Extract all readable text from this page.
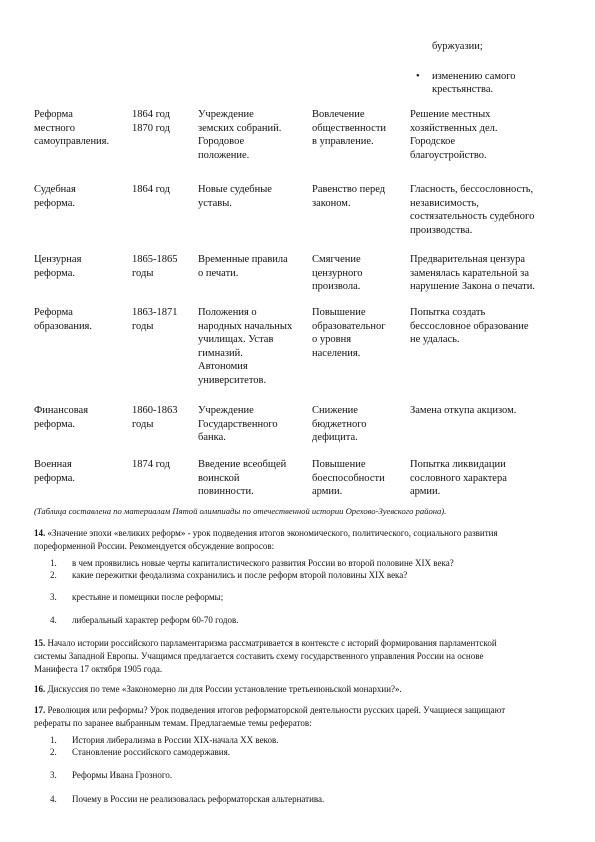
буржуазии;
• изменению самого
крестьянства.
Реформа
местного
самоуправления.
1864 год
1870 год
Учреждение
земских собраний.
Городовое
положение.
Вовлечение
общественности
в управление.
Решение местных
хозяйственных дел.
Городское
благоустройство.
Судебная
реформа.
1864 год	Новые судебные
уставы.
Равенство перед
законом.
Гласность, бессословность,
независимость,
состязательность судебного
производства.
Цензурная
реформа.
1865-1865
годы
Временные правила
о печати.
Смягчение
цензурного
произвола.
Предварительная цензура
заменялась карательной за
нарушение Закона о печати.
Реформа
образования.
1863-1871
годы
Положения о
народных начальных
училищах. Устав
гимназий.
Автономия
университетов.
Повышение
образовательног
о уровня
населения.
Попытка создать
бессословное образование
не удалась.
Финансовая
реформа.
1860-1863
годы
Учреждение
Государственного
банка.
Снижение
бюджетного
дефицита.
Замена откупа акцизом.
Военная
реформа.
1874 год	Введение всеобщей
воинской
повинности.
Повышение
боеспособности
армии.
Попытка ликвидации
сословного характера
армии.
(Таблица составлена по материалам Пятой олимпиады по отечественной истории Орехово-Зуевского района).
14. «Значение эпохи «великих реформ» - урок подведения итогов экономического, политического, социального развития
пореформенной России. Рекомендуется обсуждение вопросов:
1. в чем проявились новые черты капиталистического развития России во второй половине XIX века?
2. какие пережитки феодализма сохранились и после реформ второй половины XIX века?
3. крестьяне и помещики после реформы;
4. либеральный характер реформ 60-70 годов.
15. Начало истории российского парламентаризма рассматривается в контексте с историй формирования парламентской
системы Западной Европы. Учащимся предлагается составить схему государственного управления России на основе
Манифеста 17 октября 1905 года.
16. Дискуссия по теме «Закономерно ли для России установление третьеиюньской монархии?».
17. Революция или реформы? Урок подведения итогов реформаторской деятельности русских царей. Учащиеся защищают
рефераты по заранее выбранным темам. Предлагаемые темы рефератов:
1. История либерализма в России XIX-начала XX веков.
2. Становление российского самодержавия.
3. Реформы Ивана Грозного.
4. Почему в России не реализовалась реформаторская альтернатива.
